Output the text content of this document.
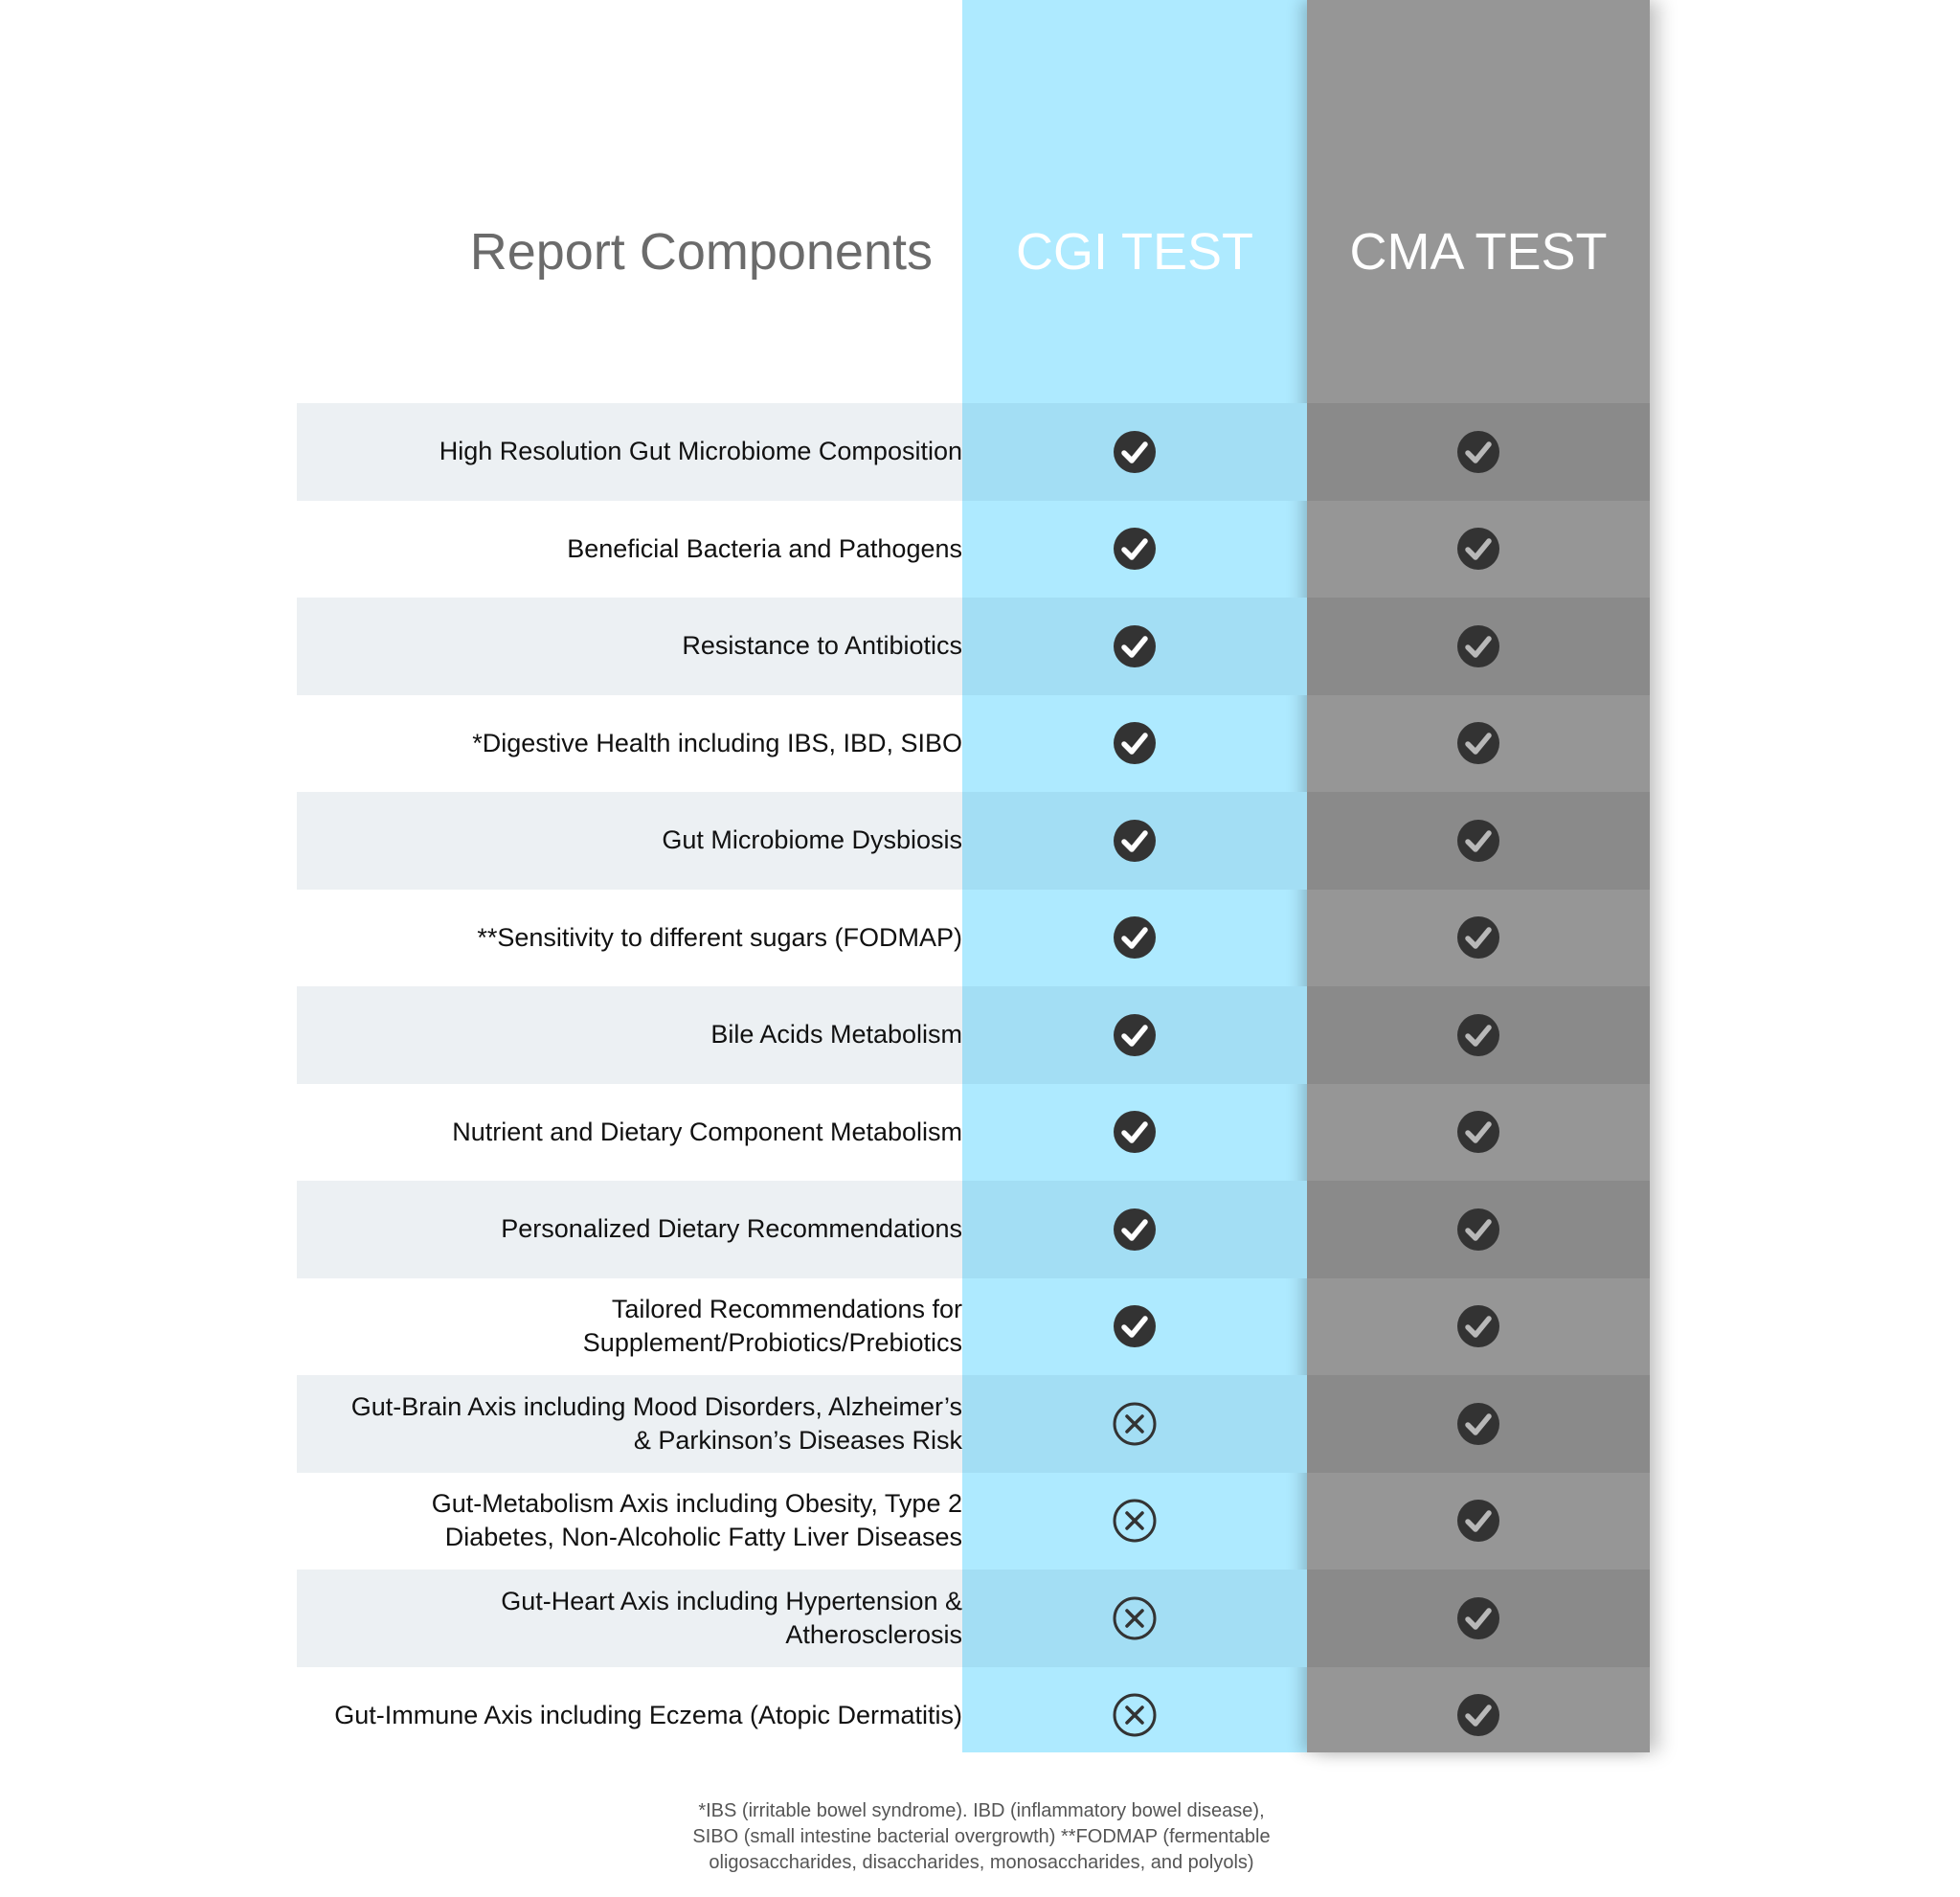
Report Components	CGI TEST	CMA TEST
High Resolution Gut Microbiome Composition
Beneficial Bacteria and Pathogens
Resistance to Antibiotics
*Digestive Health including IBS, IBD, SIBO
Gut Microbiome Dysbiosis
**Sensitivity to different sugars (FODMAP)
Bile Acids Metabolism
Nutrient and Dietary Component Metabolism
Personalized Dietary Recommendations
Tailored Recommendations for Supplement/Probiotics/Prebiotics
Gut-Brain Axis including Mood Disorders, Alzheimer’s & Parkinson’s Diseases Risk
Gut-Metabolism Axis including Obesity, Type 2 Diabetes, Non-Alcoholic Fatty Liver Diseases
Gut-Heart Axis including Hypertension & Atherosclerosis
Gut-Immune Axis including Eczema (Atopic Dermatitis)
*IBS (irritable bowel syndrome). IBD (inflammatory bowel disease),
SIBO (small intestine bacterial overgrowth) **FODMAP (fermentable
oligosaccharides, disaccharides, monosaccharides, and polyols)
